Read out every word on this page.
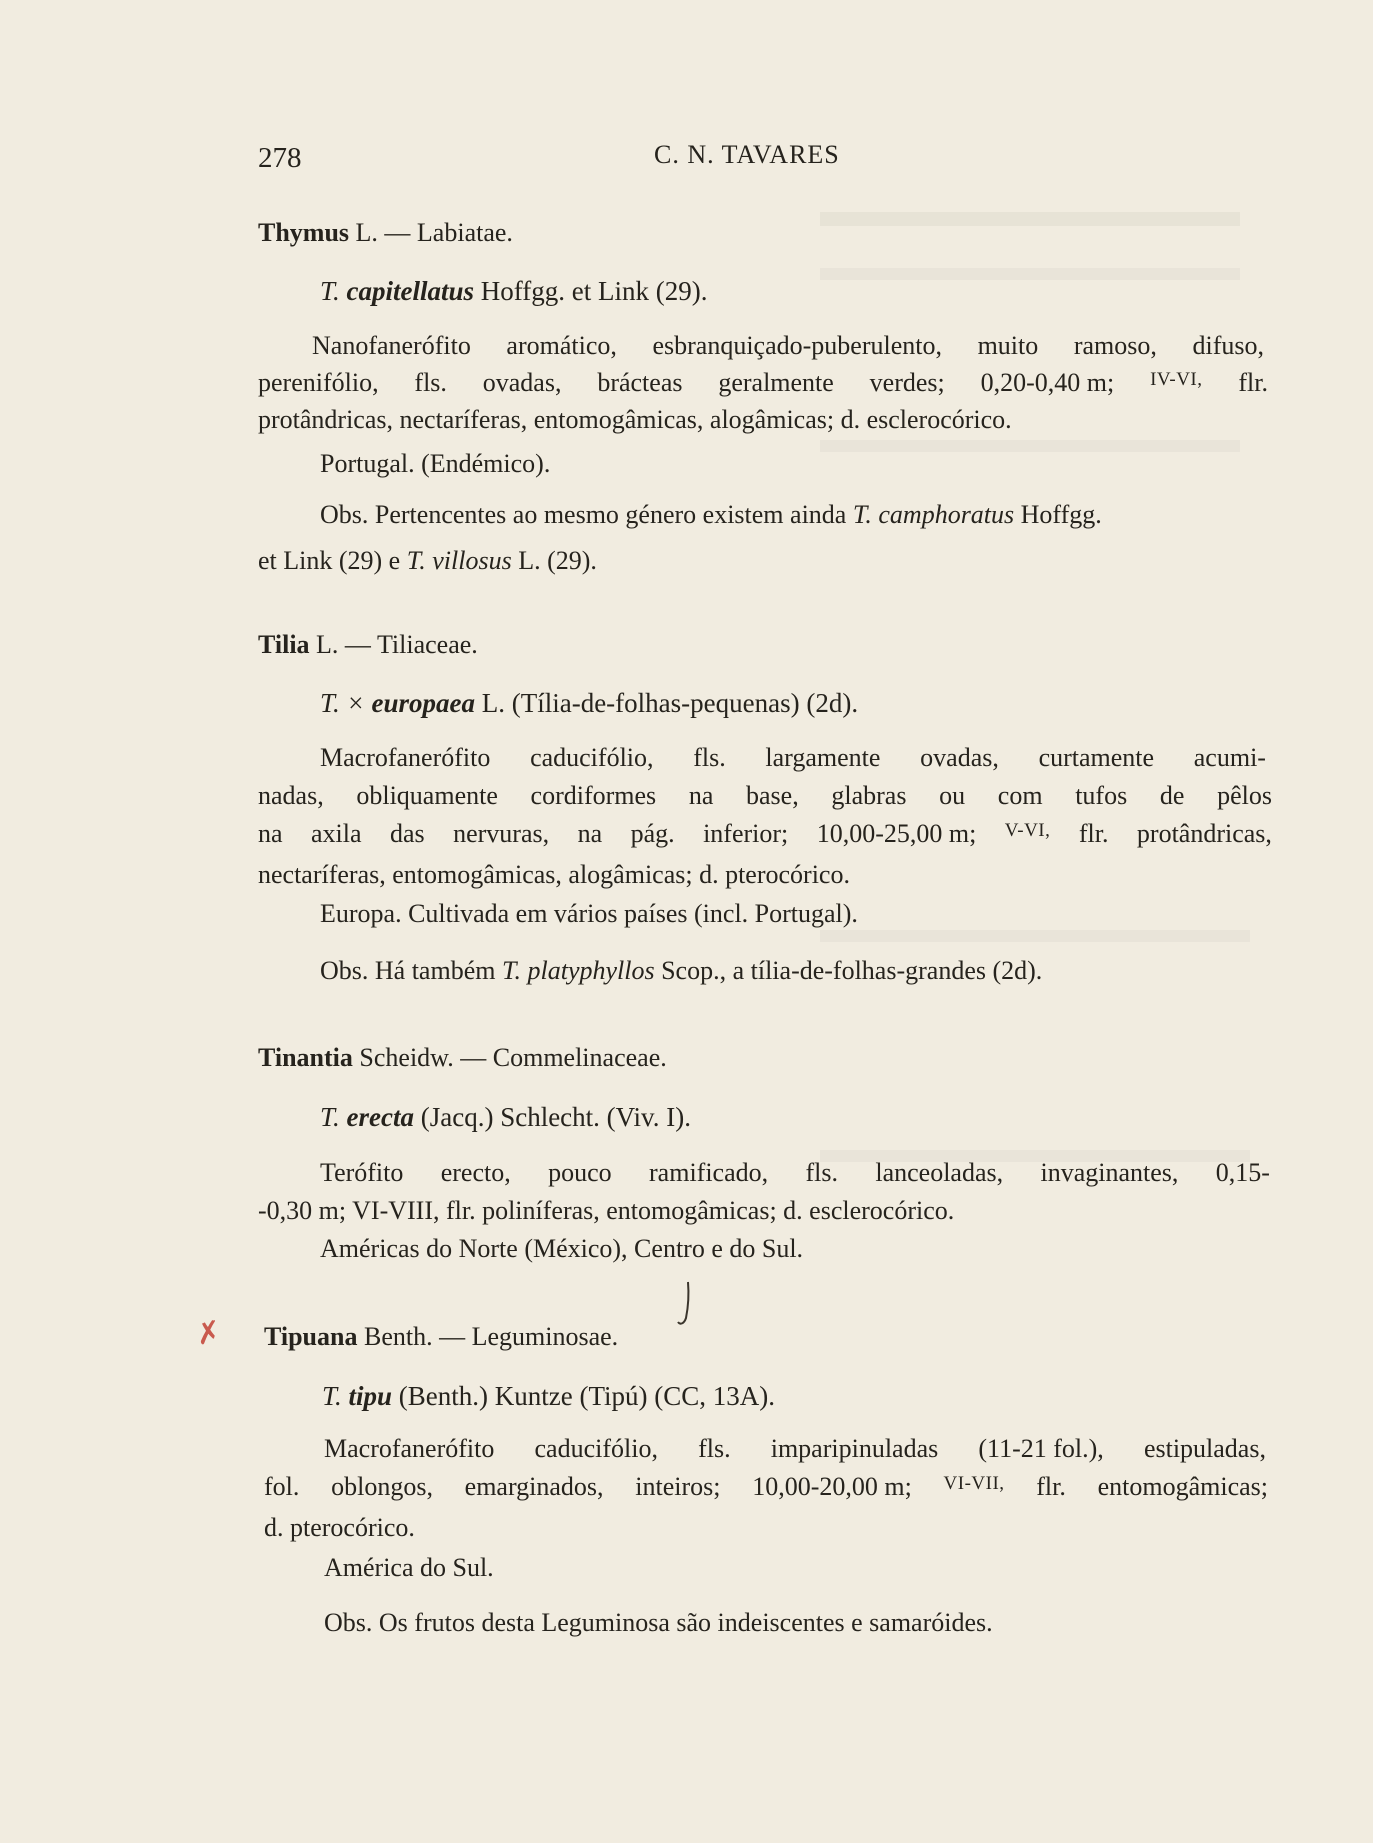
278	C. N. TAVARES

Thymus L. — Labiatae.

T. capitellatus Hoffgg. et Link (29).

Nanofanerófito aromático, esbranquiçado-puberulento, muito ramoso, difuso,

perenifólio, fls. ovadas, brácteas geralmente verdes; 0,20-0,40 m; IV-VI, flr.

protândricas, nectaríferas, entomogâmicas, alogâmicas; d. esclerocórico.

Portugal. (Endémico).

Obs. Pertencentes ao mesmo género existem ainda T. camphoratus Hoffgg.

et Link (29) e T. villosus L. (29).

Tilia L. — Tiliaceae.

T. × europaea L. (Tília-de-folhas-pequenas) (2d).

Macrofanerófito caducifólio, fls. largamente ovadas, curtamente acumi-

nadas, obliquamente cordiformes na base, glabras ou com tufos de pêlos

na axila das nervuras, na pág. inferior; 10,00-25,00 m; V-VI, flr. protândricas,

nectaríferas, entomogâmicas, alogâmicas; d. pterocórico.

Europa. Cultivada em vários países (incl. Portugal).

Obs. Há também T. platyphyllos Scop., a tília-de-folhas-grandes (2d).

Tinantia Scheidw. — Commelinaceae.

T. erecta (Jacq.) Schlecht. (Viv. I).

Terófito erecto, pouco ramificado, fls. lanceoladas, invaginantes, 0,15-

-0,30 m; VI-VIII, flr. poliníferas, entomogâmicas; d. esclerocórico.

Américas do Norte (México), Centro e do Sul.

✗ Tipuana Benth. — Leguminosae.

T. tipu (Benth.) Kuntze (Tipú) (CC, 13A).

Macrofanerófito caducifólio, fls. imparipinuladas (11-21 fol.), estipuladas,

fol. oblongos, emarginados, inteiros; 10,00-20,00 m; VI-VII, flr. entomogâmicas;

d. pterocórico.

América do Sul.

Obs. Os frutos desta Leguminosa são indeiscentes e samaróides.
